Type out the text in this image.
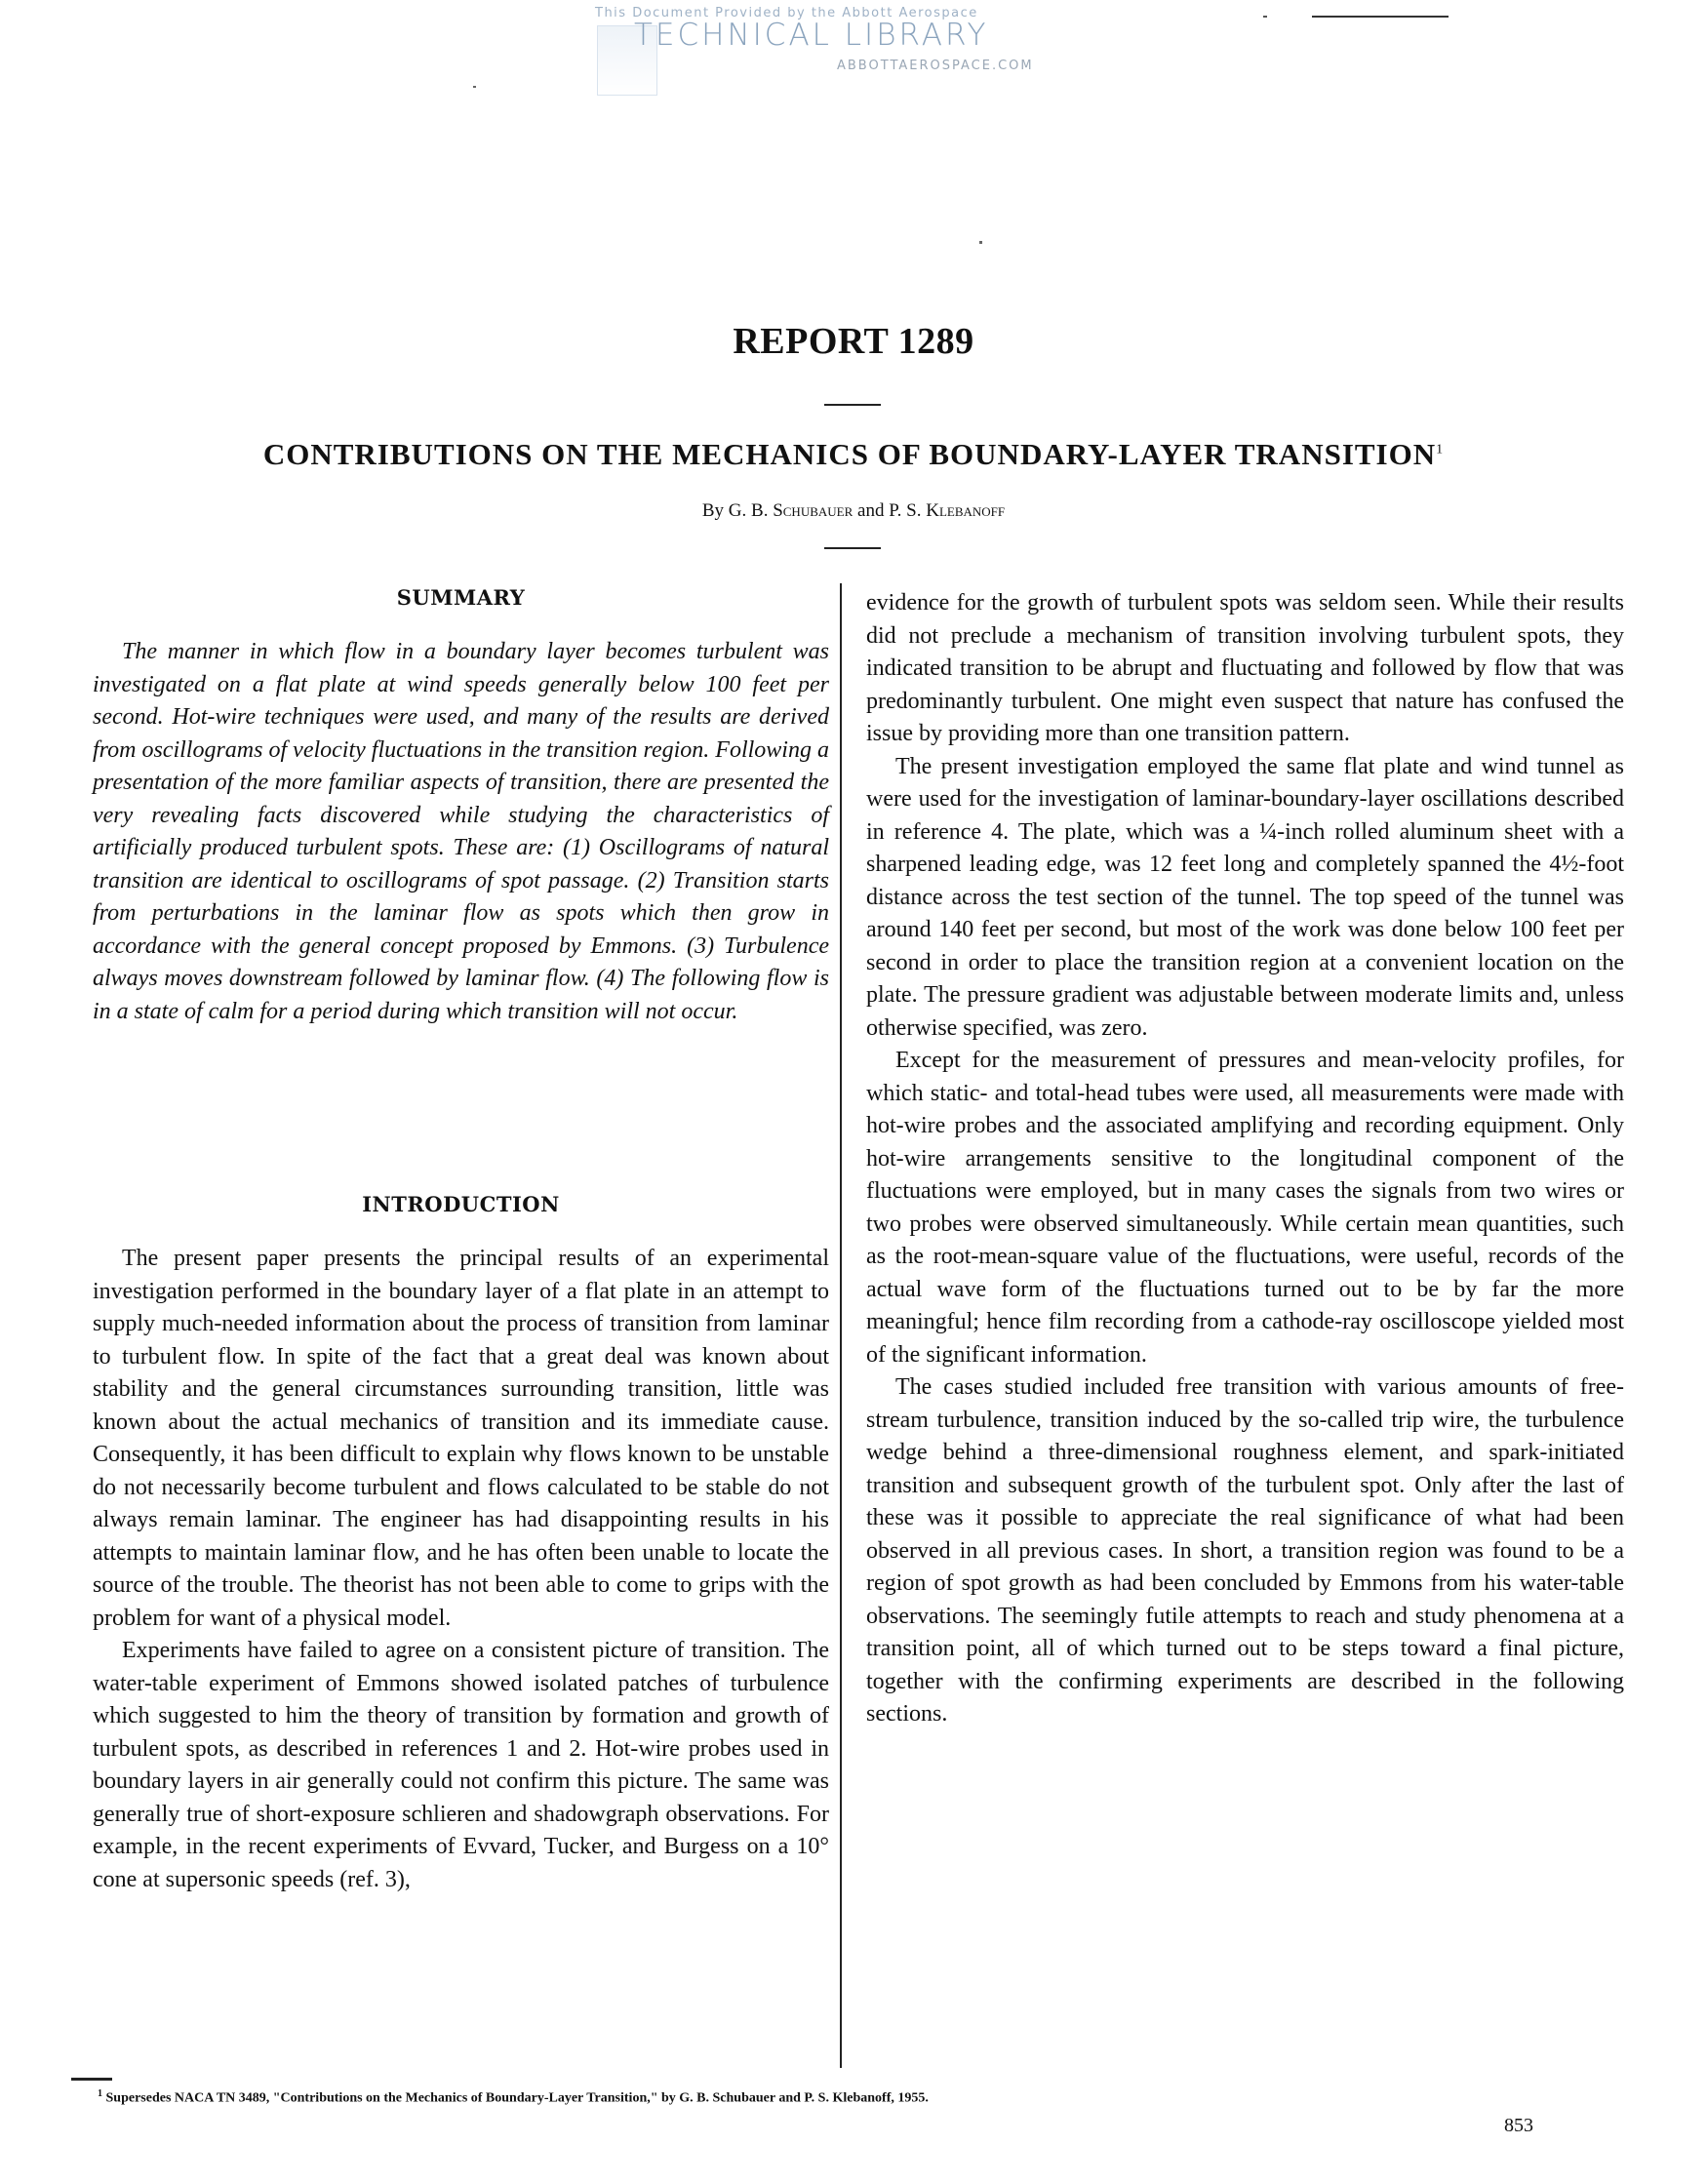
This Document Provided by the Abbott Aerospace
TECHNICAL LIBRARY
ABBOTTAEROSPACE.COM
REPORT 1289
CONTRIBUTIONS ON THE MECHANICS OF BOUNDARY-LAYER TRANSITION$^1$
By G. B. Schubauer and P. S. Klebanoff
SUMMARY

The manner in which flow in a boundary layer becomes turbulent was investigated on a flat plate at wind speeds generally below 100 feet per second. Hot-wire techniques were used, and many of the results are derived from oscillograms of velocity fluctuations in the transition region. Following a presentation of the more familiar aspects of transition, there are presented the very revealing facts discovered while studying the characteristics of artificially produced turbulent spots. These are: (1) Oscillograms of natural transition are identical to oscillograms of spot passage. (2) Transition starts from perturbations in the laminar flow as spots which then grow in accordance with the general concept proposed by Emmons. (3) Turbulence always moves downstream followed by laminar flow. (4) The following flow is in a state of calm for a period during which transition will not occur.

INTRODUCTION

The present paper presents the principal results of an experimental investigation performed in the boundary layer of a flat plate in an attempt to supply much-needed information about the process of transition from laminar to turbulent flow. In spite of the fact that a great deal was known about stability and the general circumstances surrounding transition, little was known about the actual mechanics of transition and its immediate cause. Consequently, it has been difficult to explain why flows known to be unstable do not necessarily become turbulent and flows calculated to be stable do not always remain laminar. The engineer has had disappointing results in his attempts to maintain laminar flow, and he has often been unable to locate the source of the trouble. The theorist has not been able to come to grips with the problem for want of a physical model.

Experiments have failed to agree on a consistent picture of transition. The water-table experiment of Emmons showed isolated patches of turbulence which suggested to him the theory of transition by formation and growth of turbulent spots, as described in references 1 and 2. Hot-wire probes used in boundary layers in air generally could not confirm this picture. The same was generally true of short-exposure schlieren and shadowgraph observations. For example, in the recent experiments of Evvard, Tucker, and Burgess on a 10° cone at supersonic speeds (ref. 3),

evidence for the growth of turbulent spots was seldom seen. While their results did not preclude a mechanism of transition involving turbulent spots, they indicated transition to be abrupt and fluctuating and followed by flow that was predominantly turbulent. One might even suspect that nature has confused the issue by providing more than one transition pattern.

The present investigation employed the same flat plate and wind tunnel as were used for the investigation of laminar-boundary-layer oscillations described in reference 4. The plate, which was a ¼-inch rolled aluminum sheet with a sharpened leading edge, was 12 feet long and completely spanned the 4½-foot distance across the test section of the tunnel. The top speed of the tunnel was around 140 feet per second, but most of the work was done below 100 feet per second in order to place the transition region at a convenient location on the plate. The pressure gradient was adjustable between moderate limits and, unless otherwise specified, was zero.

Except for the measurement of pressures and mean-velocity profiles, for which static- and total-head tubes were used, all measurements were made with hot-wire probes and the associated amplifying and recording equipment. Only hot-wire arrangements sensitive to the longitudinal component of the fluctuations were employed, but in many cases the signals from two wires or two probes were observed simultaneously. While certain mean quantities, such as the root-mean-square value of the fluctuations, were useful, records of the actual wave form of the fluctuations turned out to be by far the more meaningful; hence film recording from a cathode-ray oscilloscope yielded most of the significant information.

The cases studied included free transition with various amounts of free-stream turbulence, transition induced by the so-called trip wire, the turbulence wedge behind a three-dimensional roughness element, and spark-initiated transition and subsequent growth of the turbulent spot. Only after the last of these was it possible to appreciate the real significance of what had been observed in all previous cases. In short, a transition region was found to be a region of spot growth as had been concluded by Emmons from his water-table observations. The seemingly futile attempts to reach and study phenomena at a transition point, all of which turned out to be steps toward a final picture, together with the confirming experiments are described in the following sections.

$^1$ Supersedes NACA TN 3489, "Contributions on the Mechanics of Boundary-Layer Transition," by G. B. Schubauer and P. S. Klebanoff, 1955.
853
